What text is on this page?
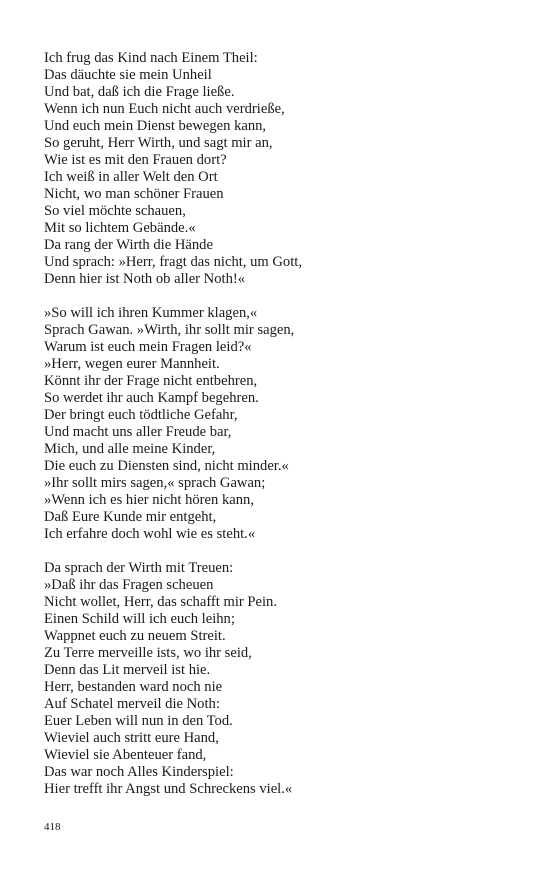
Ich frug das Kind nach Einem Theil:
Das däuchte sie mein Unheil
Und bat, daß ich die Frage ließe.
Wenn ich nun Euch nicht auch verdrieße,
Und euch mein Dienst bewegen kann,
So geruht, Herr Wirth, und sagt mir an,
Wie ist es mit den Frauen dort?
Ich weiß in aller Welt den Ort
Nicht, wo man schöner Frauen
So viel möchte schauen,
Mit so lichtem Gebände.«
Da rang der Wirth die Hände
Und sprach: »Herr, fragt das nicht, um Gott,
Denn hier ist Noth ob aller Noth!«
»So will ich ihren Kummer klagen,«
Sprach Gawan. »Wirth, ihr sollt mir sagen,
Warum ist euch mein Fragen leid?«
»Herr, wegen eurer Mannheit.
Könnt ihr der Frage nicht entbehren,
So werdet ihr auch Kampf begehren.
Der bringt euch tödtliche Gefahr,
Und macht uns aller Freude bar,
Mich, und alle meine Kinder,
Die euch zu Diensten sind, nicht minder.«
»Ihr sollt mirs sagen,« sprach Gawan;
»Wenn ich es hier nicht hören kann,
Daß Eure Kunde mir entgeht,
Ich erfahre doch wohl wie es steht.«
Da sprach der Wirth mit Treuen:
»Daß ihr das Fragen scheuen
Nicht wollet, Herr, das schafft mir Pein.
Einen Schild will ich euch leihn;
Wappnet euch zu neuem Streit.
Zu Terre merveille ists, wo ihr seid,
Denn das Lit merveil ist hie.
Herr, bestanden ward noch nie
Auf Schatel merveil die Noth:
Euer Leben will nun in den Tod.
Wieviel auch stritt eure Hand,
Wieviel sie Abenteuer fand,
Das war noch Alles Kinderspiel:
Hier trefft ihr Angst und Schreckens viel.«
418
